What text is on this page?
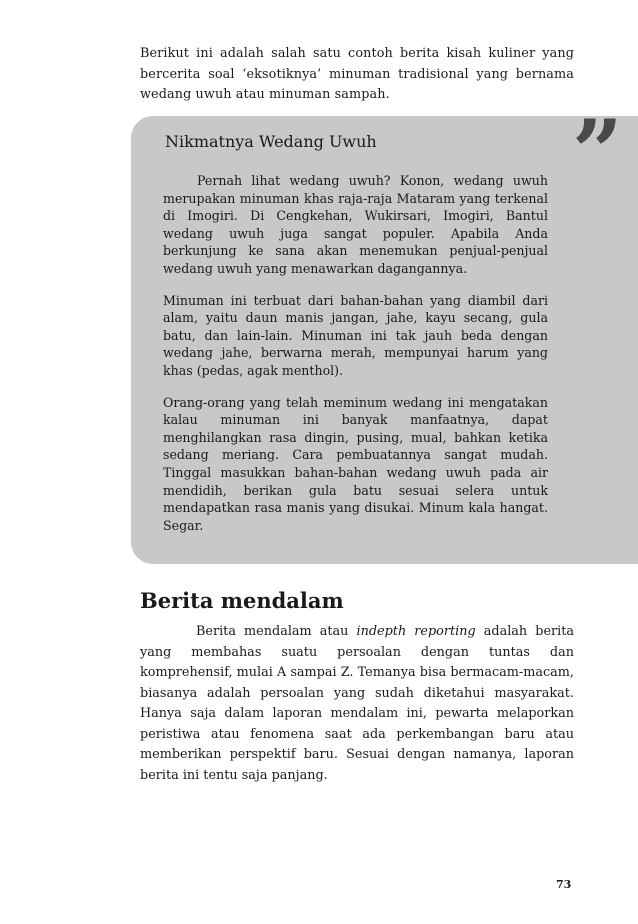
Berikut ini adalah salah satu contoh berita kisah kuliner yang bercerita soal ‘eksotiknya’ minuman tradisional yang bernama wedang uwuh atau minuman sampah.

”
Nikmatnya Wedang Uwuh

Pernah lihat wedang uwuh? Konon, wedang uwuh merupakan minuman khas raja-raja Mataram yang terkenal di Imogiri. Di Cengkehan, Wukirsari, Imogiri, Bantul wedang uwuh juga sangat populer. Apabila Anda berkunjung ke sana akan menemukan penjual-penjual wedang uwuh yang menawarkan dagangannya.

Minuman ini terbuat dari bahan-bahan yang diambil dari alam, yaitu daun manis jangan, jahe, kayu secang, gula batu, dan lain-lain. Minuman ini tak jauh beda dengan wedang jahe, berwarna merah, mempunyai harum yang khas (pedas, agak menthol).

Orang-orang yang telah meminum wedang ini mengatakan kalau minuman ini banyak manfaatnya, dapat menghilangkan rasa dingin, pusing, mual, bahkan ketika sedang meriang. Cara pembuatannya sangat mudah. Tinggal masukkan bahan-bahan wedang uwuh pada air mendidih, berikan gula batu sesuai selera untuk mendapatkan rasa manis yang disukai. Minum kala hangat. Segar.

Berita mendalam

Berita mendalam atau indepth reporting adalah berita yang membahas suatu persoalan dengan tuntas dan komprehensif, mulai A sampai Z. Temanya bisa bermacam-macam, biasanya adalah persoalan yang sudah diketahui masyarakat. Hanya saja dalam laporan mendalam ini, pewarta melaporkan peristiwa atau fenomena saat ada perkembangan baru atau memberikan perspektif baru. Sesuai dengan namanya, laporan berita ini tentu saja panjang.

73
